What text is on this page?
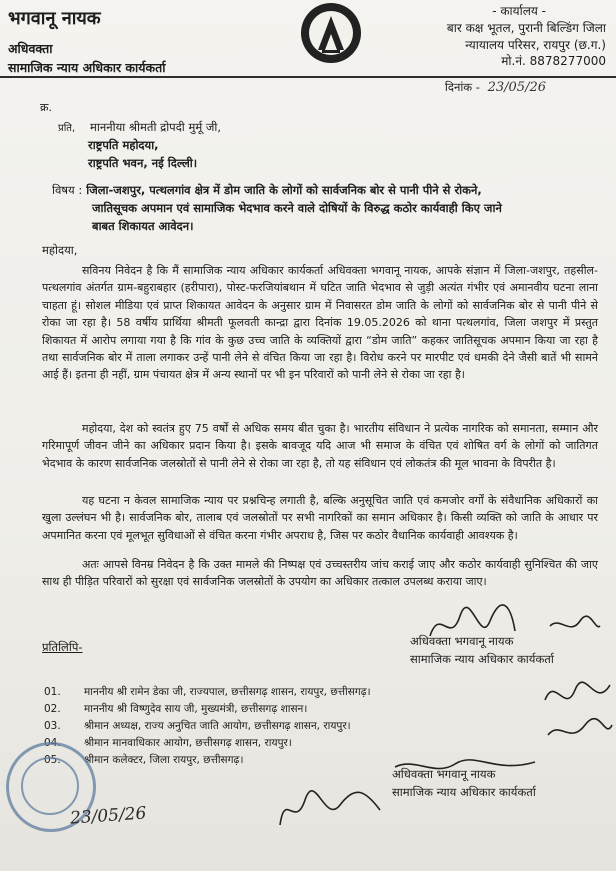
भगवानू नायक
अधिवक्ता
सामाजिक न्याय अधिकार कार्यकर्ता
- कार्यालय -
बार कक्ष भूतल, पुरानी बिल्डिंग जिला
न्यायालय परिसर, रायपुर (छ.ग.)
मो.नं. 8878277000
दिनांक - 23/05/26
क्र.
प्रति, माननीया श्रीमती द्रोपदी मुर्मू जी,
राष्ट्रपति महोदया,
राष्ट्रपति भवन, नई दिल्ली।
विषय : जिला-जशपुर, पत्थलगांव क्षेत्र में डोम जाति के लोगों को सार्वजनिक बोर से पानी पीने से रोकने,
जातिसूचक अपमान एवं सामाजिक भेदभाव करने वाले दोषियों के विरुद्ध कठोर कार्यवाही किए जाने
बाबत शिकायत आवेदन।
महोदया,

सविनय निवेदन है कि मैं सामाजिक न्याय अधिकार कार्यकर्ता अधिवक्ता भगवानू नायक, आपके संज्ञान में जिला-जशपुर, तहसील-पत्थलगांव अंतर्गत ग्राम-बहुराबहार (हरीपारा), पोस्ट-फरजियांबथान में घटित जाति भेदभाव से जुड़ी अत्यंत गंभीर एवं अमानवीय घटना लाना चाहता हूं। सोशल मीडिया एवं प्राप्त शिकायत आवेदन के अनुसार ग्राम में निवासरत डोम जाति के लोगों को सार्वजनिक बोर से पानी पीने से रोका जा रहा है। 58 वर्षीय प्रार्थिया श्रीमती फूलवती कान्द्रा द्वारा दिनांक 19.05.2026 को थाना पत्थलगांव, जिला जशपुर में प्रस्तुत शिकायत में आरोप लगाया गया है कि गांव के कुछ उच्च जाति के व्यक्तियों द्वारा “डोम जाति” कहकर जातिसूचक अपमान किया जा रहा है तथा सार्वजनिक बोर में ताला लगाकर उन्हें पानी लेने से वंचित किया जा रहा है। विरोध करने पर मारपीट एवं धमकी देने जैसी बातें भी सामने आई हैं। इतना ही नहीं, ग्राम पंचायत क्षेत्र में अन्य स्थानों पर भी इन परिवारों को पानी लेने से रोका जा रहा है।

महोदया, देश को स्वतंत्र हुए 75 वर्षों से अधिक समय बीत चुका है। भारतीय संविधान ने प्रत्येक नागरिक को समानता, सम्मान और गरिमापूर्ण जीवन जीने का अधिकार प्रदान किया है। इसके बावजूद यदि आज भी समाज के वंचित एवं शोषित वर्ग के लोगों को जातिगत भेदभाव के कारण सार्वजनिक जलस्रोतों से पानी लेने से रोका जा रहा है, तो यह संविधान एवं लोकतंत्र की मूल भावना के विपरीत है।

यह घटना न केवल सामाजिक न्याय पर प्रश्नचिन्ह लगाती है, बल्कि अनुसूचित जाति एवं कमजोर वर्गों के संवैधानिक अधिकारों का खुला उल्लंघन भी है। सार्वजनिक बोर, तालाब एवं जलस्रोतों पर सभी नागरिकों का समान अधिकार है। किसी व्यक्ति को जाति के आधार पर अपमानित करना एवं मूलभूत सुविधाओं से वंचित करना गंभीर अपराध है, जिस पर कठोर वैधानिक कार्यवाही आवश्यक है।

अतः आपसे विनम्र निवेदन है कि उक्त मामले की निष्पक्ष एवं उच्चस्तरीय जांच कराई जाए और कठोर कार्यवाही सुनिश्चित की जाए साथ ही पीड़ित परिवारों को सुरक्षा एवं सार्वजनिक जलस्रोतों के उपयोग का अधिकार तत्काल उपलब्ध कराया जाए।

अधिवक्ता भगवानू नायक
सामाजिक न्याय अधिकार कार्यकर्ता
प्रतिलिपि-
01. माननीय श्री रामेन डेका जी, राज्यपाल, छत्तीसगढ़ शासन, रायपुर, छत्तीसगढ़।
02. माननीय श्री विष्णुदेव साय जी, मुख्यमंत्री, छत्तीसगढ़ शासन।
03. श्रीमान अध्यक्ष, राज्य अनुचित जाति आयोग, छत्तीसगढ़ शासन, रायपुर।
04. श्रीमान मानवाधिकार आयोग, छत्तीसगढ़ शासन, रायपुर।
05. श्रीमान कलेक्टर, जिला रायपुर, छत्तीसगढ़।
अधिवक्ता भगवानू नायक
सामाजिक न्याय अधिकार कार्यकर्ता
23/05/26
